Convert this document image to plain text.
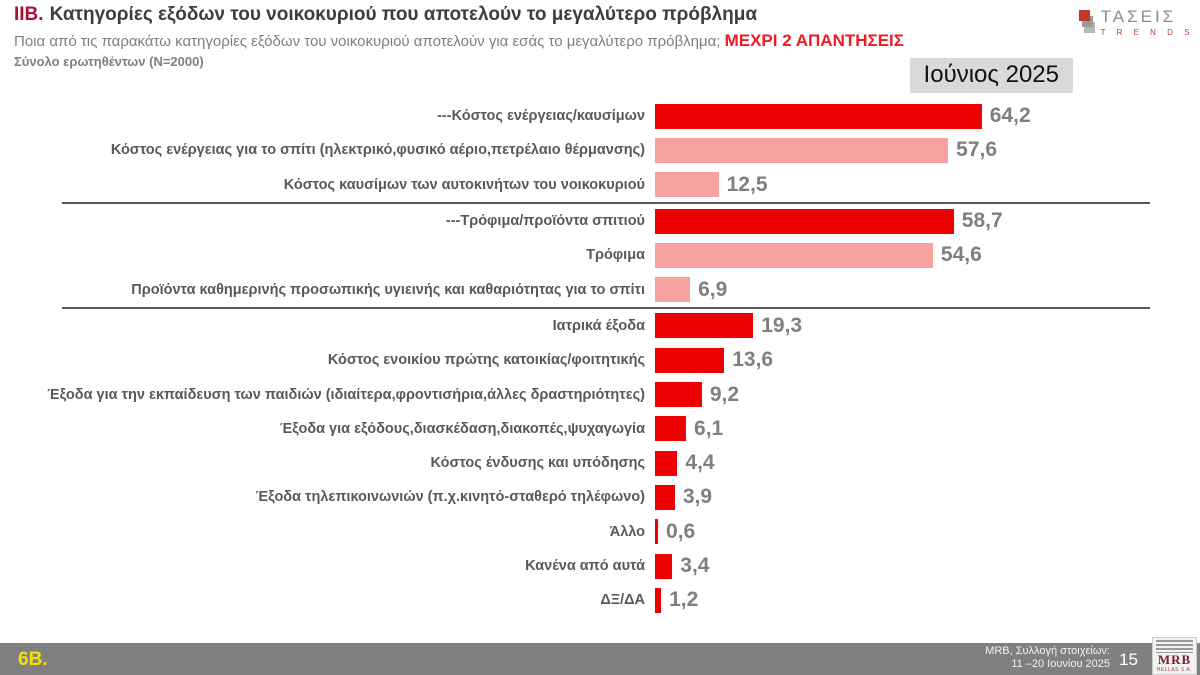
ΙΙΒ. Κατηγορίες εξόδων του νοικοκυριού που αποτελούν το μεγαλύτερο πρόβλημα	ΤΑΣΕΙΣ
T R E N D S
Ποια από τις παρακάτω κατηγορίες εξόδων του νοικοκυριού αποτελούν για εσάς το μεγαλύτερο πρόβλημα; ΜΕΧΡΙ 2 ΑΠΑΝΤΗΣΕΙΣ
Σύνολο ερωτηθέντων (N=2000)	Ιούνιος 2025
---Κόστος ενέργειας/καυσίμων	64,2
Κόστος ενέργειας για το σπίτι (ηλεκτρικό,φυσικό αέριο,πετρέλαιο θέρμανσης)	57,6
Κόστος καυσίμων των αυτοκινήτων του νοικοκυριού	12,5
---Τρόφιμα/προϊόντα σπιτιού	58,7
Τρόφιμα	54,6
Προϊόντα καθημερινής προσωπικής υγιεινής και καθαριότητας για το σπίτι	6,9
Ιατρικά έξοδα	19,3
Κόστος ενοικίου πρώτης κατοικίας/φοιτητικής	13,6
Έξοδα για την εκπαίδευση των παιδιών (ιδιαίτερα,φροντισήρια,άλλες δραστηριότητες)	9,2
Έξοδα για εξόδους,διασκέδαση,διακοπές,ψυχαγωγία	6,1
Κόστος ένδυσης και υπόδησης	4,4
Έξοδα τηλεπικοινωνιών (π.χ.κινητό-σταθερό τηλέφωνο)	3,9
Άλλο	0,6
Κανένα από αυτά	3,4
ΔΞ/ΔΑ	1,2
6Β.	MRB, Συλλογή στοιχείων:
11 –20 Ιουνίου 2025 15	MRB
HELLAS S.A.
